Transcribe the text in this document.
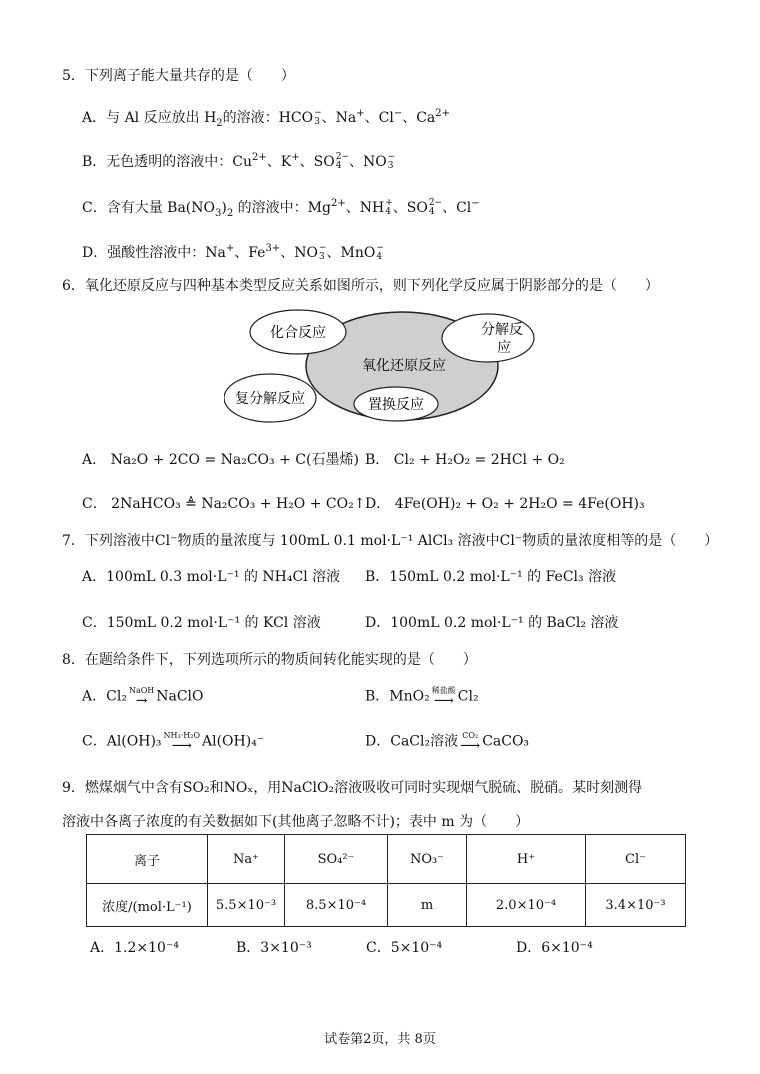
5．下列离子能大量共存的是（　　）
A．与 Al 反应放出 $H_2$的溶液：HCO −
3 、Na+、Cl−、$Ca^{2+}$
B．无色透明的溶液中：$Cu^{2+}$、K+、SO 2−
4 、NO −
3
C．含有大量 $Ba(NO_3)_2$ 的溶液中：$Mg^{2+}$、NH +
4 、SO 2−
4 、Cl−
D．强酸性溶液中：Na+、$Fe^{3+}$、NO −
3 、MnO −
4
6．氧化还原反应与四种基本类型反应关系如图所示，则下列化学反应属于阴影部分的是（　　）
化合反应	分解反
应
氧化还原反应
复分解反应	置换反应
A． Na₂O + 2CO = Na₂CO₃ + C(石墨烯) B． Cl₂ + H₂O₂ = 2HCl + O₂
C． 2NaHCO₃ ≜ Na₂CO₃ + H₂O + CO₂↑ D． 4Fe(OH)₂ + O₂ + 2H₂O = 4Fe(OH)₃
7．下列溶液中Cl⁻物质的量浓度与 100mL 0.1 mol·L⁻¹ AlCl₃ 溶液中Cl⁻物质的量浓度相等的是（　　）
A．100mL 0.3 mol·L⁻¹ 的 NH₄Cl 溶液 B．150mL 0.2 mol·L⁻¹ 的 FeCl₃ 溶液
C．150mL 0.2 mol·L⁻¹ 的 KCl 溶液	D．100mL 0.2 mol·L⁻¹ 的 BaCl₂ 溶液
8．在题给条件下，下列选项所示的物质间转化能实现的是（　　）
A．Cl₂ NaOH
→ NaClO	B．MnO₂ 稀盐酸
⟶ Cl₂
C．Al(OH)₃ NH₃·H₂O
⟶ Al(OH)₄⁻	D．CaCl₂溶液 CO₂
⟶ CaCO₃
9．燃煤烟气中含有SO₂和NOₓ，用NaClO₂溶液吸收可同时实现烟气脱硫、脱硝。某时刻测得
溶液中各离子浓度的有关数据如下(其他离子忽略不计)；表中 m 为（　　）
离子	Na⁺	SO₄²⁻	NO₃⁻	H⁺	Cl⁻
浓度/(mol·L⁻¹)	5.5×10⁻³	8.5×10⁻⁴	m	2.0×10⁻⁴	3.4×10⁻³
A．1.2×10⁻⁴	B．3×10⁻³	C．5×10⁻⁴	D．6×10⁻⁴
试卷第2页，共 8页
